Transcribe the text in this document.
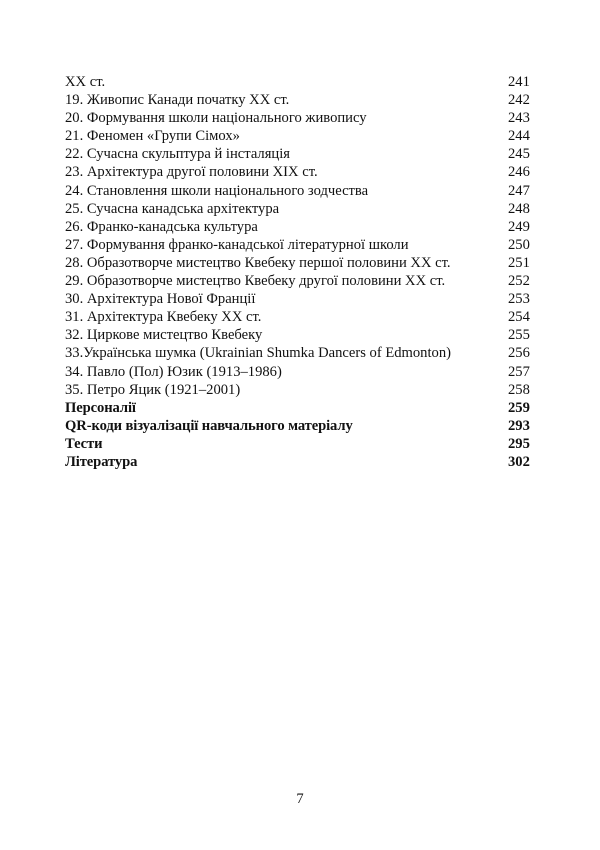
ХХ ст.	241
19. Живопис Канади початку ХХ ст.	242
20. Формування школи національного живопису	243
21. Феномен «Групи Сімох»	244
22. Сучасна скульптура й інсталяція	245
23. Архітектура другої половини ХІХ ст.	246
24. Становлення школи національного зодчества	247
25. Сучасна канадська архітектура	248
26. Франко-канадська культура	249
27. Формування франко-канадської літературної школи	250
28. Образотворче мистецтво Квебеку першої половини ХХ ст.	251
29. Образотворче мистецтво Квебеку другої половини ХХ ст.	252
30. Архітектура Нової Франції	253
31. Архітектура Квебеку ХХ ст.	254
32. Циркове мистецтво Квебеку	255
33.Українська шумка (Ukrainian Shumka Dancers of Edmonton)	256
34. Павло (Пол) Юзик (1913–1986)	257
35. Петро Яцик (1921–2001)	258
Персоналії	259
QR-коди візуалізації навчального матеріалу	293
Тести	295
Література	302
7
